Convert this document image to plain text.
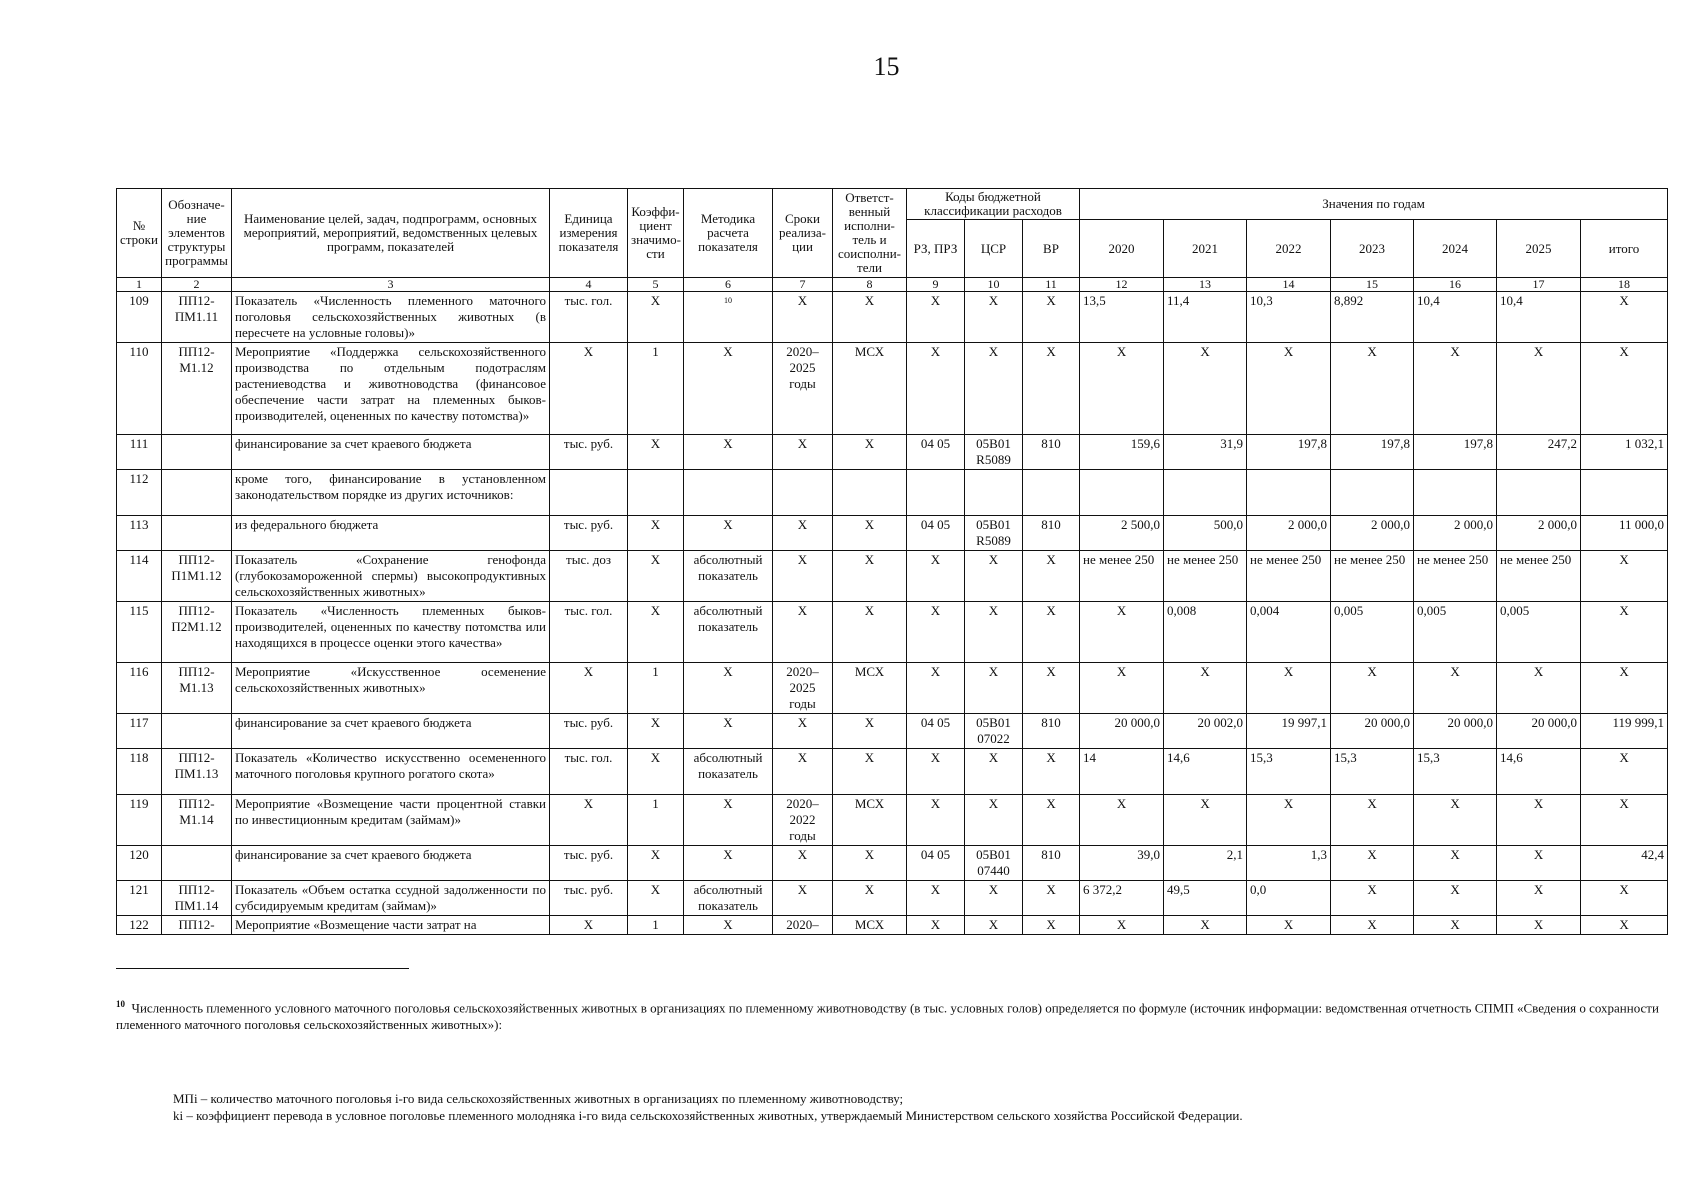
15
№ строки	Обозначе-ние элементов структуры программы	Наименование целей, задач, подпрограмм, основных мероприятий, мероприятий, ведомственных целевых программ, показателей	Единица измерения показателя	Коэффи-циент значимо-сти	Методика расчета показателя	Сроки реализа-ции	Ответст-венный исполни-тель и соисполни-тели	Коды бюджетной классификации расходов			Значения по годам						
								РЗ, ПРЗ	ЦСР	ВР	2020	2021	2022	2023	2024	2025	итого
1	2	3	4	5	6	7	8	9	10	11	12	13	14	15	16	17	18
109	ПП12-ПМ1.11	Показатель «Численность племенного маточного поголовья сельскохозяйственных животных (в пересчете на условные головы)»	тыс. гол.	Х	$^{10}$	Х	Х	Х	Х	Х	13,5	11,4	10,3	8,892	10,4	10,4	Х
110	ПП12-М1.12	Мероприятие «Поддержка сельскохозяйственного производства по отдельным подотраслям растениеводства и животноводства (финансовое обеспечение части затрат на племенных быков-производителей, оцененных по качеству потомства)»	Х	1	Х	2020–2025 годы	МСХ	Х	Х	Х	Х	Х	Х	Х	Х	Х	Х
111		финансирование за счет краевого бюджета	тыс. руб.	Х	Х	Х	Х	04 05	05В01 R5089	810	159,6	31,9	197,8	197,8	197,8	247,2	1 032,1
112		кроме того, финансирование в установленном законодательством порядке из других источников:															
113		из федерального бюджета	тыс. руб.	Х	Х	Х	Х	04 05	05В01 R5089	810	2 500,0	500,0	2 000,0	2 000,0	2 000,0	2 000,0	11 000,0
114	ПП12-П1М1.12	Показатель «Сохранение генофонда (глубокозамороженной спермы) высокопродуктивных сельскохозяйственных животных»	тыс. доз	Х	абсолютный показатель	Х	Х	Х	Х	Х	не менее 250	не менее 250	не менее 250	не менее 250	не менее 250	не менее 250	Х
115	ПП12-П2М1.12	Показатель «Численность племенных быков-производителей, оцененных по качеству потомства или находящихся в процессе оценки этого качества»	тыс. гол.	Х	абсолютный показатель	Х	Х	Х	Х	Х	Х	0,008	0,004	0,005	0,005	0,005	Х
116	ПП12-М1.13	Мероприятие «Искусственное осеменение сельскохозяйственных животных»	Х	1	Х	2020–2025 годы	МСХ	Х	Х	Х	Х	Х	Х	Х	Х	Х	Х
117		финансирование за счет краевого бюджета	тыс. руб.	Х	Х	Х	Х	04 05	05В01 07022	810	20 000,0	20 002,0	19 997,1	20 000,0	20 000,0	20 000,0	119 999,1
118	ПП12-ПМ1.13	Показатель «Количество искусственно осемененного маточного поголовья крупного рогатого скота»	тыс. гол.	Х	абсолютный показатель	Х	Х	Х	Х	Х	14	14,6	15,3	15,3	15,3	14,6	Х
119	ПП12-М1.14	Мероприятие «Возмещение части процентной ставки по инвестиционным кредитам (займам)»	Х	1	Х	2020–2022 годы	МСХ	Х	Х	Х	Х	Х	Х	Х	Х	Х	Х
120		финансирование за счет краевого бюджета	тыс. руб.	Х	Х	Х	Х	04 05	05В01 07440	810	39,0	2,1	1,3	Х	Х	Х	42,4
121	ПП12-ПМ1.14	Показатель «Объем остатка ссудной задолженности по субсидируемым кредитам (займам)»	тыс. руб.	Х	абсолютный показатель	Х	Х	Х	Х	Х	6 372,2	49,5	0,0	Х	Х	Х	Х
122	ПП12-	Мероприятие «Возмещение части затрат на	Х	1	Х	2020–	МСХ	Х	Х	Х	Х	Х	Х	Х	Х	Х	Х
$^{10}$ Численность племенного условного маточного поголовья сельскохозяйственных животных в организациях по племенному животноводству (в тыс. условных голов) определяется по формуле (источник информации: ведомственная отчетность СПМП «Сведения о сохранности племенного маточного поголовья сельскохозяйственных животных»):
МПi – количество маточного поголовья i-го вида сельскохозяйственных животных в организациях по племенному животноводству;
ki – коэффициент перевода в условное поголовье племенного молодняка i-го вида сельскохозяйственных животных, утверждаемый Министерством сельского хозяйства Российской Федерации.
